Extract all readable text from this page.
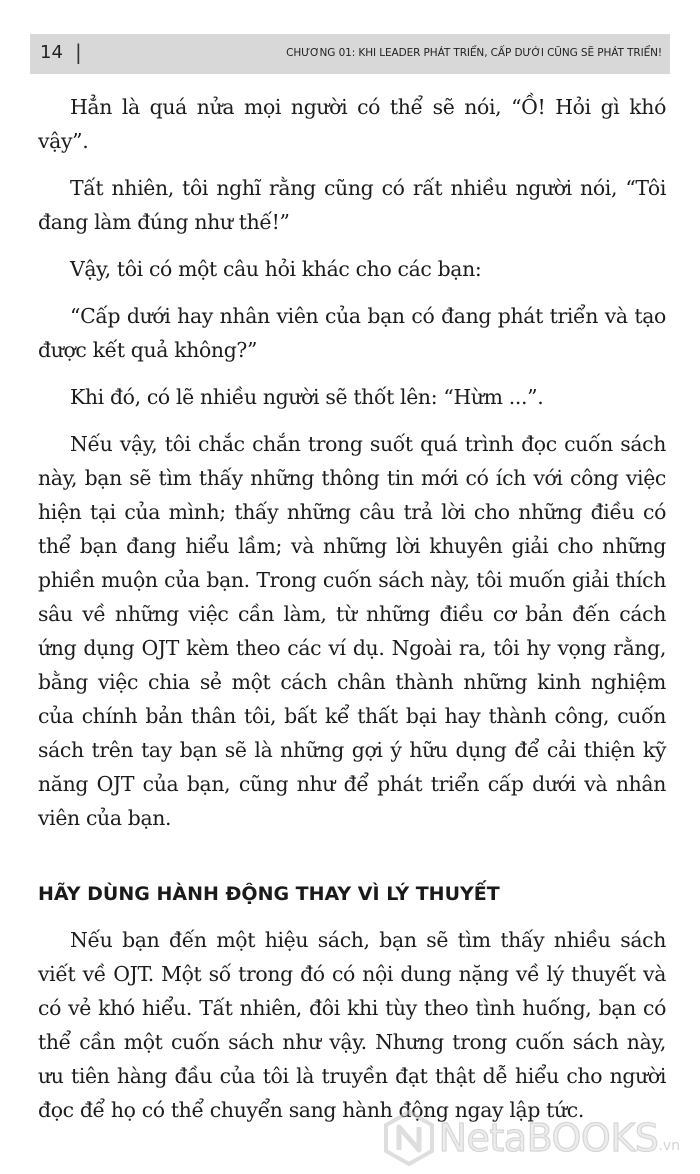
14 |	CHƯƠNG 01: KHI LEADER PHÁT TRIỂN, CẤP DƯỚI CŨNG SẼ PHÁT TRIỂN!

Hẳn là quá nửa mọi người có thể sẽ nói, “Ồ! Hỏi gì khó vậy”.

Tất nhiên, tôi nghĩ rằng cũng có rất nhiều người nói, “Tôi đang làm đúng như thế!”

Vậy, tôi có một câu hỏi khác cho các bạn:

“Cấp dưới hay nhân viên của bạn có đang phát triển và tạo được kết quả không?”

Khi đó, có lẽ nhiều người sẽ thốt lên: “Hừm ...”.

Nếu vậy, tôi chắc chắn trong suốt quá trình đọc cuốn sách này, bạn sẽ tìm thấy những thông tin mới có ích với công việc hiện tại của mình; thấy những câu trả lời cho những điều có thể bạn đang hiểu lầm; và những lời khuyên giải cho những phiền muộn của bạn. Trong cuốn sách này, tôi muốn giải thích sâu về những việc cần làm, từ những điều cơ bản đến cách ứng dụng OJT kèm theo các ví dụ. Ngoài ra, tôi hy vọng rằng, bằng việc chia sẻ một cách chân thành những kinh nghiệm của chính bản thân tôi, bất kể thất bại hay thành công, cuốn sách trên tay bạn sẽ là những gợi ý hữu dụng để cải thiện kỹ năng OJT của bạn, cũng như để phát triển cấp dưới và nhân viên của bạn.

HÃY DÙNG HÀNH ĐỘNG THAY VÌ LÝ THUYẾT

Nếu bạn đến một hiệu sách, bạn sẽ tìm thấy nhiều sách viết về OJT. Một số trong đó có nội dung nặng về lý thuyết và có vẻ khó hiểu. Tất nhiên, đôi khi tùy theo tình huống, bạn có thể cần một cuốn sách như vậy. Nhưng trong cuốn sách này, ưu tiên hàng đầu của tôi là truyền đạt thật dễ hiểu cho người đọc để họ có thể chuyển sang hành động ngay lập tức.

NetaBOOKS .vn
